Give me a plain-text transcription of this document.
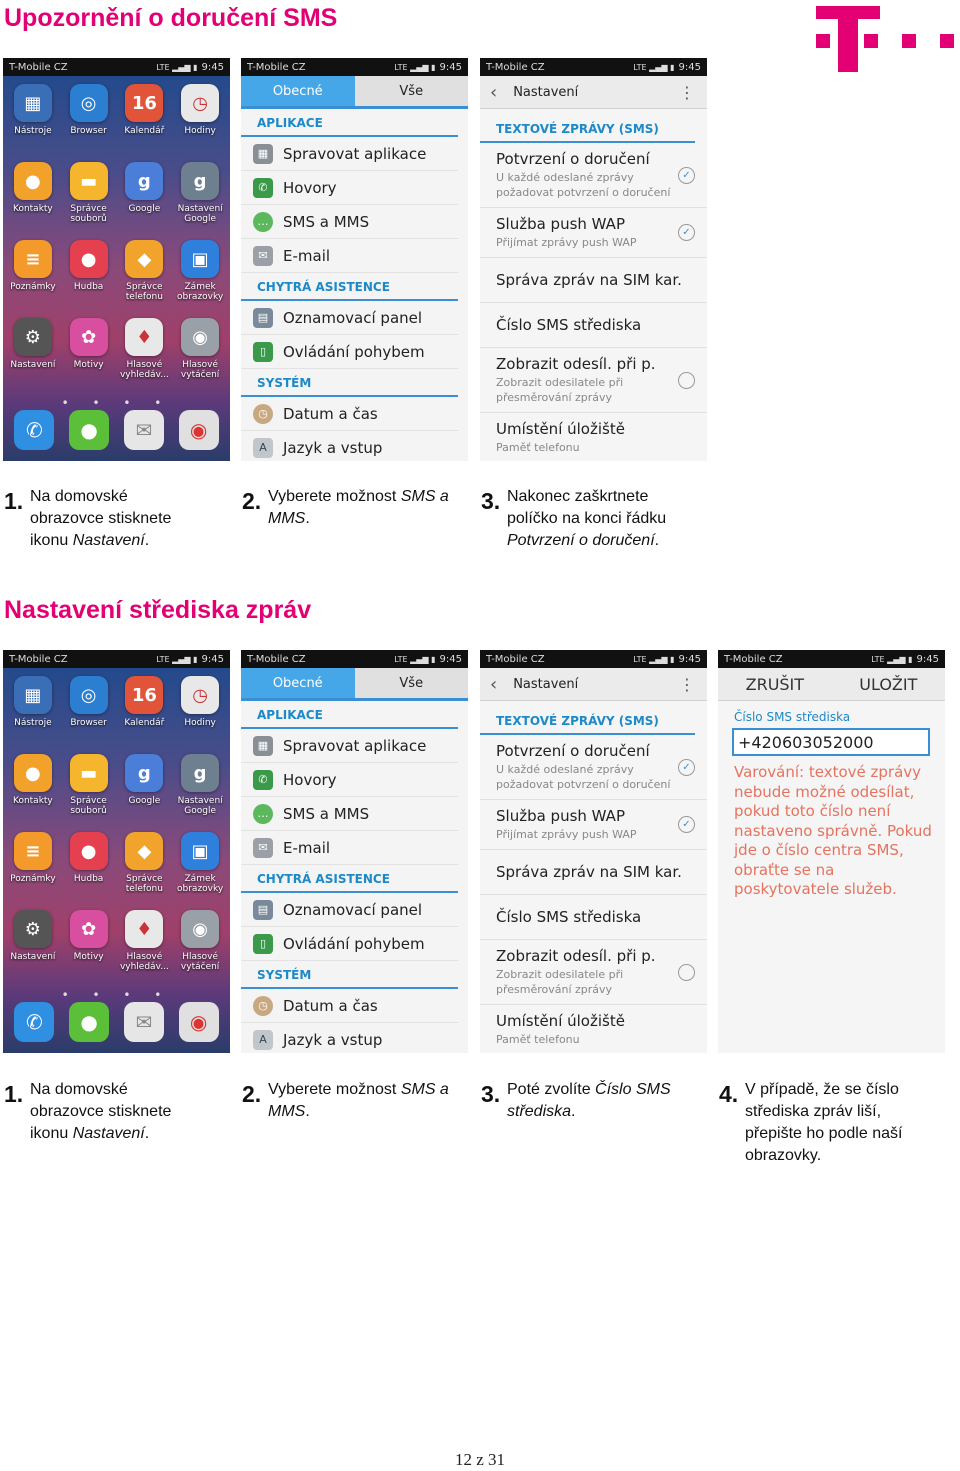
Upozornění o doručení SMS
T-Mobile CZ	LTE ▂▄▆ ▮ 9:45
▦
Nástroje
◎
Browser
16
Kalendář
◷
Hodiny
●
Kontakty
▬
Správce souborů
g
Google
g
Nastavení Google
≡
Poznámky
●
Hudba
◆
Správce telefonu
▣
Zámek obrazovky
⚙
Nastavení
✿
Motivy
♦
Hlasové vyhledáv...
◉
Hlasové vytáčení
• • • •
✆	●	✉	◉
T-Mobile CZ	LTE ▂▄▆ ▮ 9:45
Obecné	Vše
APLIKACE
▦ Spravovat aplikace
✆	Hovory
… SMS a MMS
✉	E-mail
CHYTRÁ ASISTENCE
▤ Oznamovací panel
▯	Ovládání pohybem
SYSTÉM
◷	Datum a čas
A	Jazyk a vstup
T-Mobile CZ	LTE ▂▄▆ ▮ 9:45
‹ Nastavení	⋮
TEXTOVÉ ZPRÁVY (SMS)
Potvrzení o doručení
U každé odeslané zprávy požadovat potvrzení o doručení
✓
Služba push WAP
Přijímat zprávy push WAP
✓
Správa zpráv na SIM kar.
Číslo SMS střediska
Zobrazit odesíl. při p.
Zobrazit odesilatele při přesměrování zprávy
Umístění úložiště
Paměť telefonu
1. Na domovské obrazovce stisknete ikonu Nastavení.
2. Vyberete možnost SMS a MMS.
3. Nakonec zaškrtnete políčko na konci řádku Potvrzení o doručení.
Nastavení střediska zpráv
T-Mobile CZ	LTE ▂▄▆ ▮ 9:45
▦
Nástroje
◎
Browser
16
Kalendář
◷
Hodiny
●
Kontakty
▬
Správce souborů
g
Google
g
Nastavení Google
≡
Poznámky
●
Hudba
◆
Správce telefonu
▣
Zámek obrazovky
⚙
Nastavení
✿
Motivy
♦
Hlasové vyhledáv...
◉
Hlasové vytáčení
• • • •
✆	●	✉	◉
T-Mobile CZ	LTE ▂▄▆ ▮ 9:45
Obecné	Vše
APLIKACE
▦ Spravovat aplikace
✆	Hovory
… SMS a MMS
✉	E-mail
CHYTRÁ ASISTENCE
▤ Oznamovací panel
▯	Ovládání pohybem
SYSTÉM
◷	Datum a čas
A	Jazyk a vstup
T-Mobile CZ	LTE ▂▄▆ ▮ 9:45
‹ Nastavení	⋮
TEXTOVÉ ZPRÁVY (SMS)
Potvrzení o doručení
U každé odeslané zprávy požadovat potvrzení o doručení
✓
Služba push WAP
Přijímat zprávy push WAP
✓
Správa zpráv na SIM kar.
Číslo SMS střediska
Zobrazit odesíl. při p.
Zobrazit odesilatele při přesměrování zprávy
Umístění úložiště
Paměť telefonu
T-Mobile CZ	LTE ▂▄▆ ▮ 9:45
ZRUŠIT	ULOŽIT
Číslo SMS střediska
+420603052000
Varování: textové zprávy nebude možné odesílat, pokud toto číslo není nastaveno správně. Pokud jde o číslo centra SMS, obraťte se na poskytovatele služeb.
1. Na domovské obrazovce stisknete ikonu Nastavení.
2. Vyberete možnost SMS a MMS.
3. Poté zvolíte Číslo SMS střediska.
4. V případě, že se číslo střediska zpráv liší, přepište ho podle naší obrazovky.
12 z 31
